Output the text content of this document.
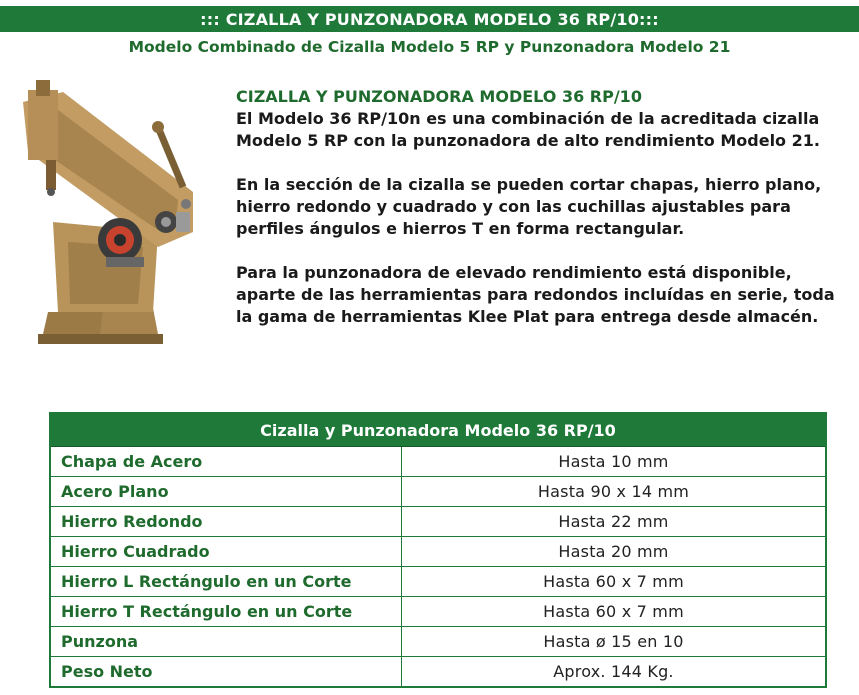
::: CIZALLA Y PUNZONADORA MODELO 36 RP/10:::
Modelo Combinado de Cizalla Modelo 5 RP y Punzonadora Modelo 21

CIZALLA Y PUNZONADORA MODELO 36 RP/10

El Modelo 36 RP/10n es una combinación de la acreditada cizalla Modelo 5 RP con la punzonadora de alto rendimiento Modelo 21.

En la sección de la cizalla se pueden cortar chapas, hierro plano, hierro redondo y cuadrado y con las cuchillas ajustables para perfiles ángulos e hierros T en forma rectangular.

Para la punzonadora de elevado rendimiento está disponible, aparte de las herramientas para redondos incluídas en serie, toda la gama de herramientas Klee Plat para entrega desde almacén.

Cizalla y Punzonadora Modelo 36 RP/10	
Chapa de Acero	Hasta 10 mm
Acero Plano	Hasta 90 x 14 mm
Hierro Redondo	Hasta 22 mm
Hierro Cuadrado	Hasta 20 mm
Hierro L Rectángulo en un Corte	Hasta 60 x 7 mm
Hierro T Rectángulo en un Corte	Hasta 60 x 7 mm
Punzona	Hasta ø 15 en 10
Peso Neto	Aprox. 144 Kg.
